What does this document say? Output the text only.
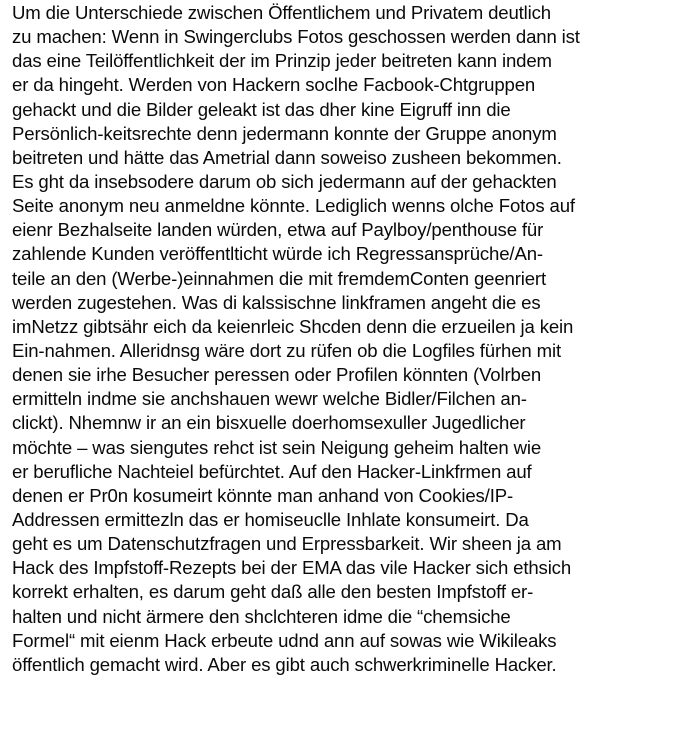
Um die Unterschiede zwischen Öffentlichem und Privatem deutlich
zu machen: Wenn in Swingerclubs Fotos geschossen werden dann ist
das eine Teilöffentlichkeit der im Prinzip jeder beitreten kann indem
er da hingeht. Werden von Hackern soclhe Facbook-Chtgruppen
gehackt und die Bilder geleakt ist das dher kine Eigruff inn die
Persönlich-keitsrechte denn jedermann konnte der Gruppe anonym
beitreten und hätte das Ametrial dann soweiso zusheen bekommen.
Es ght da insebsodere darum ob sich jedermann auf der gehackten
Seite anonym neu anmeldne könnte. Lediglich wenns olche Fotos auf
eienr Bezhalseite landen würden, etwa auf Paylboy/penthouse für
zahlende Kunden veröffentlticht würde ich Regressansprüche/An-
teile an den (Werbe-)einnahmen die mit fremdemConten geenriert
werden zugestehen. Was di kalssischne linkframen angeht die es
imNetzz gibtsähr eich da keienrleic Shcden denn die erzueilen ja kein
Ein-nahmen. Alleridnsg wäre dort zu rüfen ob die Logfiles fürhen mit
denen sie irhe Besucher peressen oder Profilen könnten (Volrben
ermitteln indme sie anchshauen wewr welche Bidler/Filchen an-
clickt). Nhemnw ir an ein bisxuelle doerhomsexuller Jugedlicher
möchte – was siengutes rehct ist sein Neigung geheim halten wie
er berufliche Nachteiel befürchtet. Auf den Hacker-Linkfrmen auf
denen er Pr0n kosumeirt könnte man anhand von Cookies/IP-
Addressen ermittezln das er homiseuclle Inhlate konsumeirt. Da
geht es um Datenschutzfragen und Erpressbarkeit. Wir sheen ja am
Hack des Impfstoff-Rezepts bei der EMA das vile Hacker sich ethsich
korrekt erhalten, es darum geht daß alle den besten Impfstoff er-
halten und nicht ärmere den shclchteren idme die “chemsiche
Formel“ mit eienm Hack erbeute udnd ann auf sowas wie Wikileaks
öffentlich gemacht wird. Aber es gibt auch schwerkriminelle Hacker.
